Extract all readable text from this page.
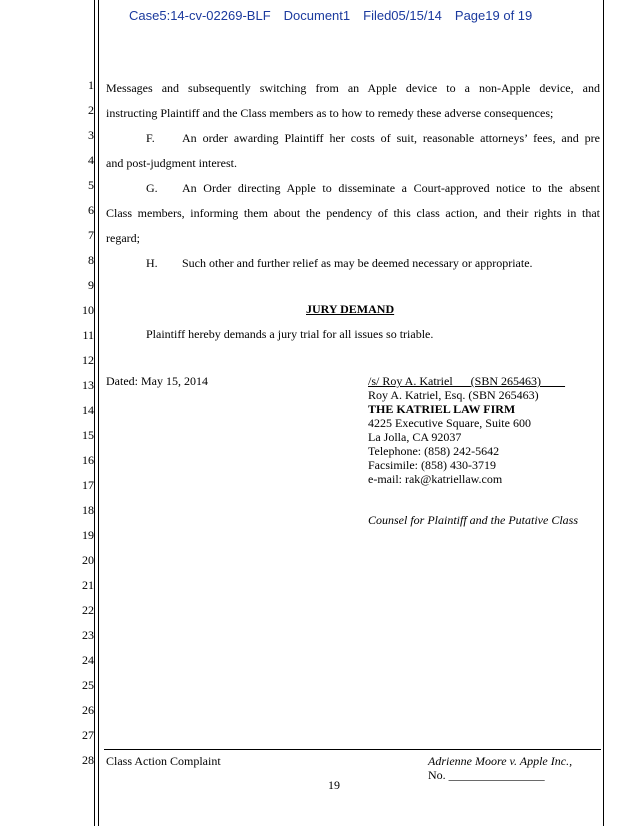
Case5:14-cv-02269-BLF Document1 Filed05/15/14 Page19 of 19
1
2
3
4
5
6
7
8
9
10
11
12
13
14
15
16
17
18
19
20
21
22
23
24
25
26
27
28
Messages and subsequently switching from an Apple device to a non-Apple device, and
instructing Plaintiff and the Class members as to how to remedy these adverse consequences;
F. An order awarding Plaintiff her costs of suit, reasonable attorneys’ fees, and pre
and post-judgment interest.
G. An Order directing Apple to disseminate a Court-approved notice to the absent
Class members, informing them about the pendency of this class action, and their rights in that
regard;
H. Such other and further relief as may be deemed necessary or appropriate.
JURY DEMAND
Plaintiff hereby demands a jury trial for all issues so triable.
Dated: May 15, 2014	/s/ Roy A. Katriel___(SBN 265463)____
Roy A. Katriel, Esq. (SBN 265463)
THE KATRIEL LAW FIRM
4225 Executive Square, Suite 600
La Jolla, CA 92037
Telephone: (858) 242-5642
Facsimile: (858) 430-3719
e-mail: rak@katriellaw.com
Counsel for Plaintiff and the Putative Class
Class Action Complaint	Adrienne Moore v. Apple Inc.,
No. ________________
19
